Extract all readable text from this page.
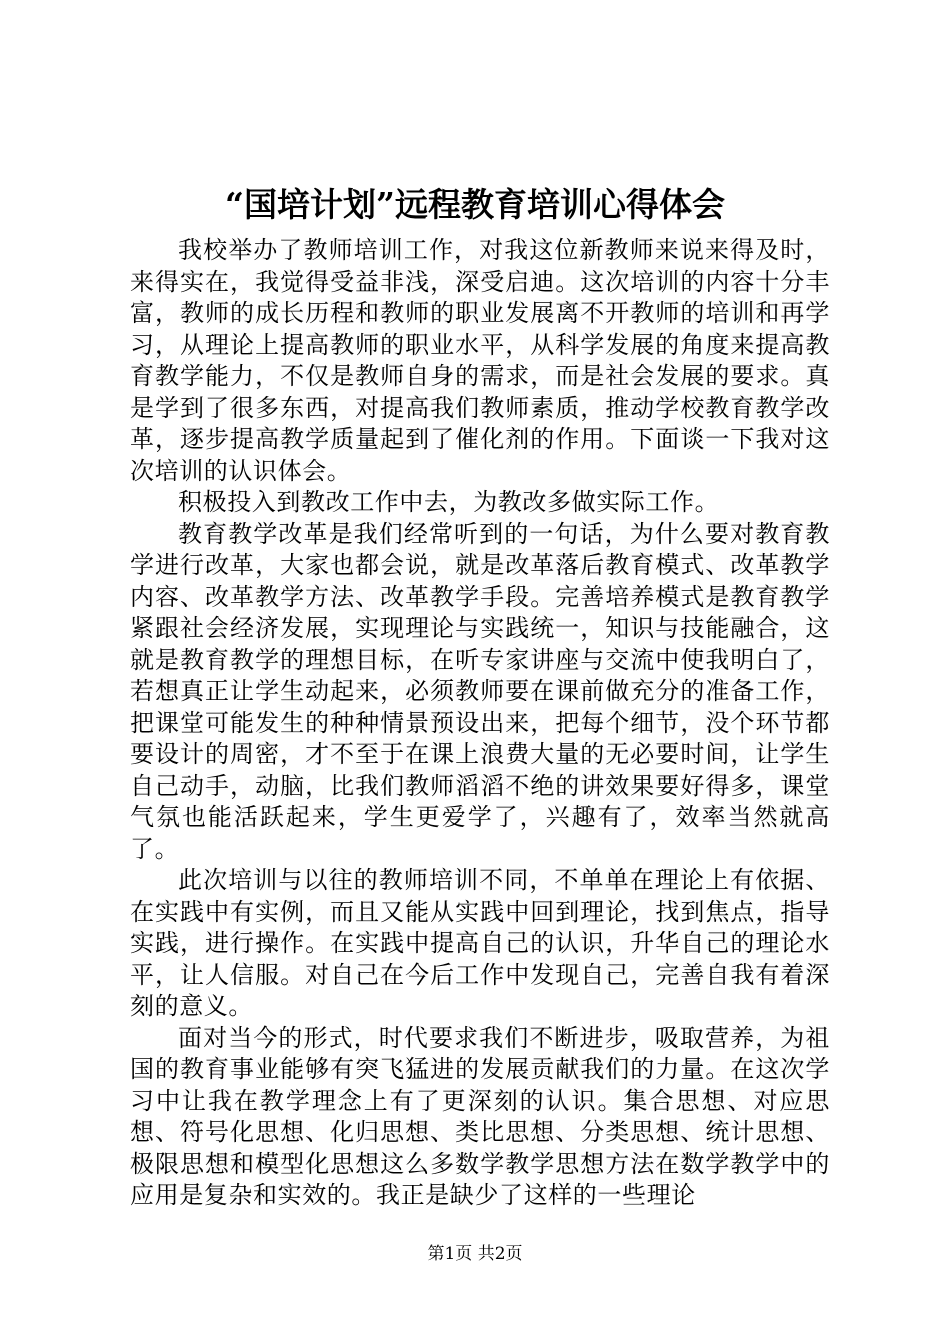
“国培计划”远程教育培训心得体会

我校举办了教师培训工作，对我这位新教师来说来得及时，来得实在，我觉得受益非浅，深受启迪。这次培训的内容十分丰富，教师的成长历程和教师的职业发展离不开教师的培训和再学习，从理论上提高教师的职业水平，从科学发展的角度来提高教育教学能力，不仅是教师自身的需求，而是社会发展的要求。真是学到了很多东西，对提高我们教师素质，推动学校教育教学改革，逐步提高教学质量起到了催化剂的作用。下面谈一下我对这次培训的认识体会。

积极投入到教改工作中去，为教改多做实际工作。

教育教学改革是我们经常听到的一句话，为什么要对教育教学进行改革，大家也都会说，就是改革落后教育模式、改革教学内容、改革教学方法、改革教学手段。完善培养模式是教育教学紧跟社会经济发展，实现理论与实践统一，知识与技能融合，这就是教育教学的理想目标，在听专家讲座与交流中使我明白了，若想真正让学生动起来，必须教师要在课前做充分的准备工作，把课堂可能发生的种种情景预设出来，把每个细节，没个环节都要设计的周密，才不至于在课上浪费大量的无必要时间，让学生自己动手，动脑，比我们教师滔滔不绝的讲效果要好得多，课堂气氛也能活跃起来，学生更爱学了，兴趣有了，效率当然就高了。

此次培训与以往的教师培训不同，不单单在理论上有依据、在实践中有实例，而且又能从实践中回到理论，找到焦点，指导实践，进行操作。在实践中提高自己的认识，升华自己的理论水平，让人信服。对自己在今后工作中发现自己，完善自我有着深刻的意义。

面对当今的形式，时代要求我们不断进步，吸取营养，为祖国的教育事业能够有突飞猛进的发展贡献我们的力量。在这次学习中让我在教学理念上有了更深刻的认识。集合思想、对应思想、符号化思想、化归思想、类比思想、分类思想、统计思想、极限思想和模型化思想这么多数学教学思想方法在数学教学中的应用是复杂和实效的。我正是缺少了这样的一些理论

第1页 共2页
